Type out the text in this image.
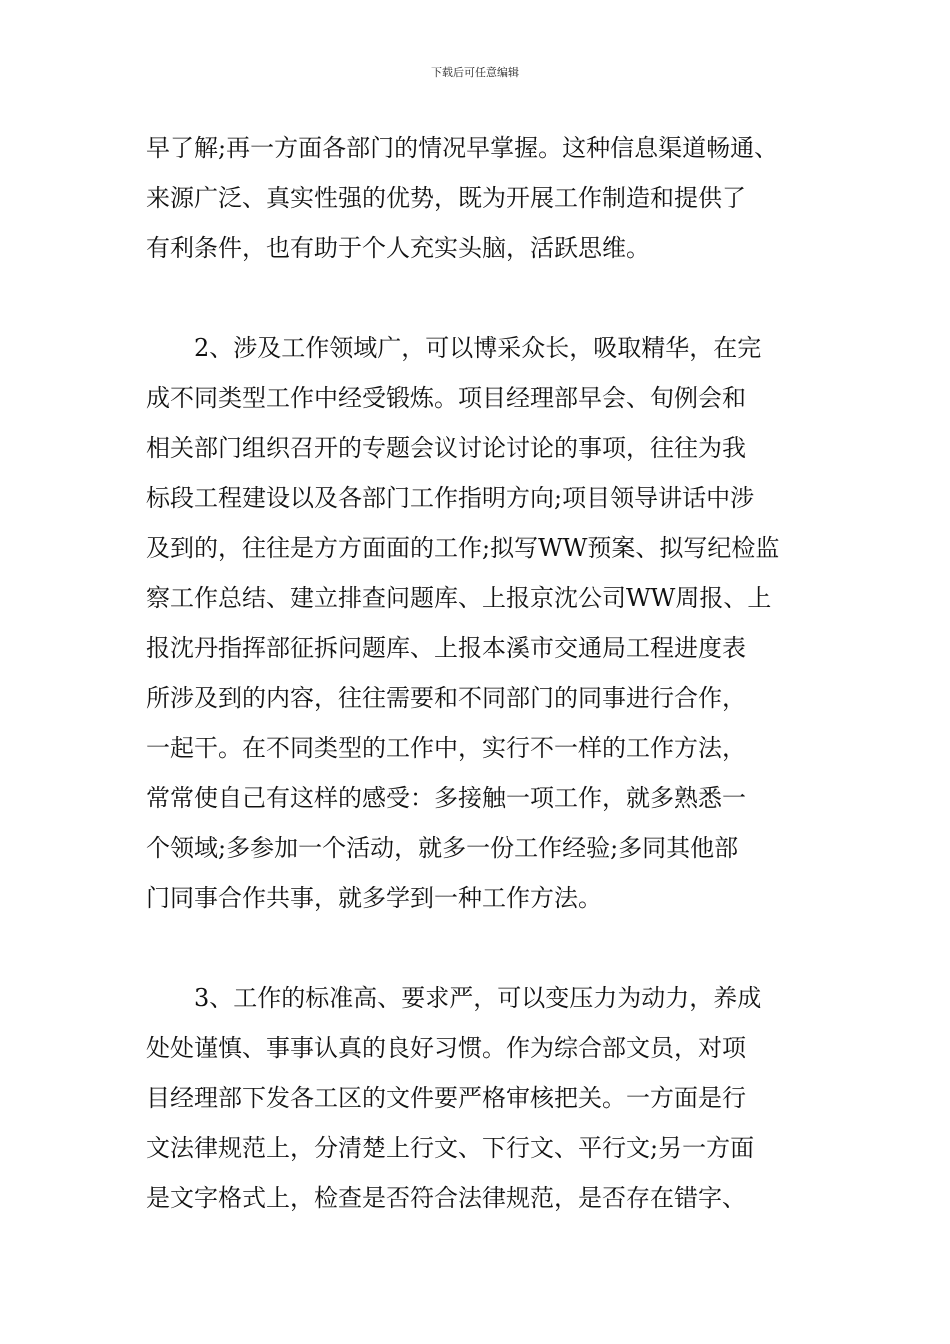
下载后可任意编辑
早了解;再一方面各部门的情况早掌握。这种信息渠道畅通、
来源广泛、真实性强的优势，既为开展工作制造和提供了
有利条件，也有助于个人充实头脑，活跃思维。
2、涉及工作领域广，可以博采众长，吸取精华，在完
成不同类型工作中经受锻炼。项目经理部早会、旬例会和
相关部门组织召开的专题会议讨论讨论的事项，往往为我
标段工程建设以及各部门工作指明方向;项目领导讲话中涉
及到的，往往是方方面面的工作;拟写WW预案、拟写纪检监
察工作总结、建立排查问题库、上报京沈公司WW周报、上
报沈丹指挥部征拆问题库、上报本溪市交通局工程进度表
所涉及到的内容，往往需要和不同部门的同事进行合作，
一起干。在不同类型的工作中，实行不一样的工作方法，
常常使自己有这样的感受：多接触一项工作，就多熟悉一
个领域;多参加一个活动，就多一份工作经验;多同其他部
门同事合作共事，就多学到一种工作方法。
3、工作的标准高、要求严，可以变压力为动力，养成
处处谨慎、事事认真的良好习惯。作为综合部文员，对项
目经理部下发各工区的文件要严格审核把关。一方面是行
文法律规范上，分清楚上行文、下行文、平行文;另一方面
是文字格式上，检查是否符合法律规范，是否存在错字、
